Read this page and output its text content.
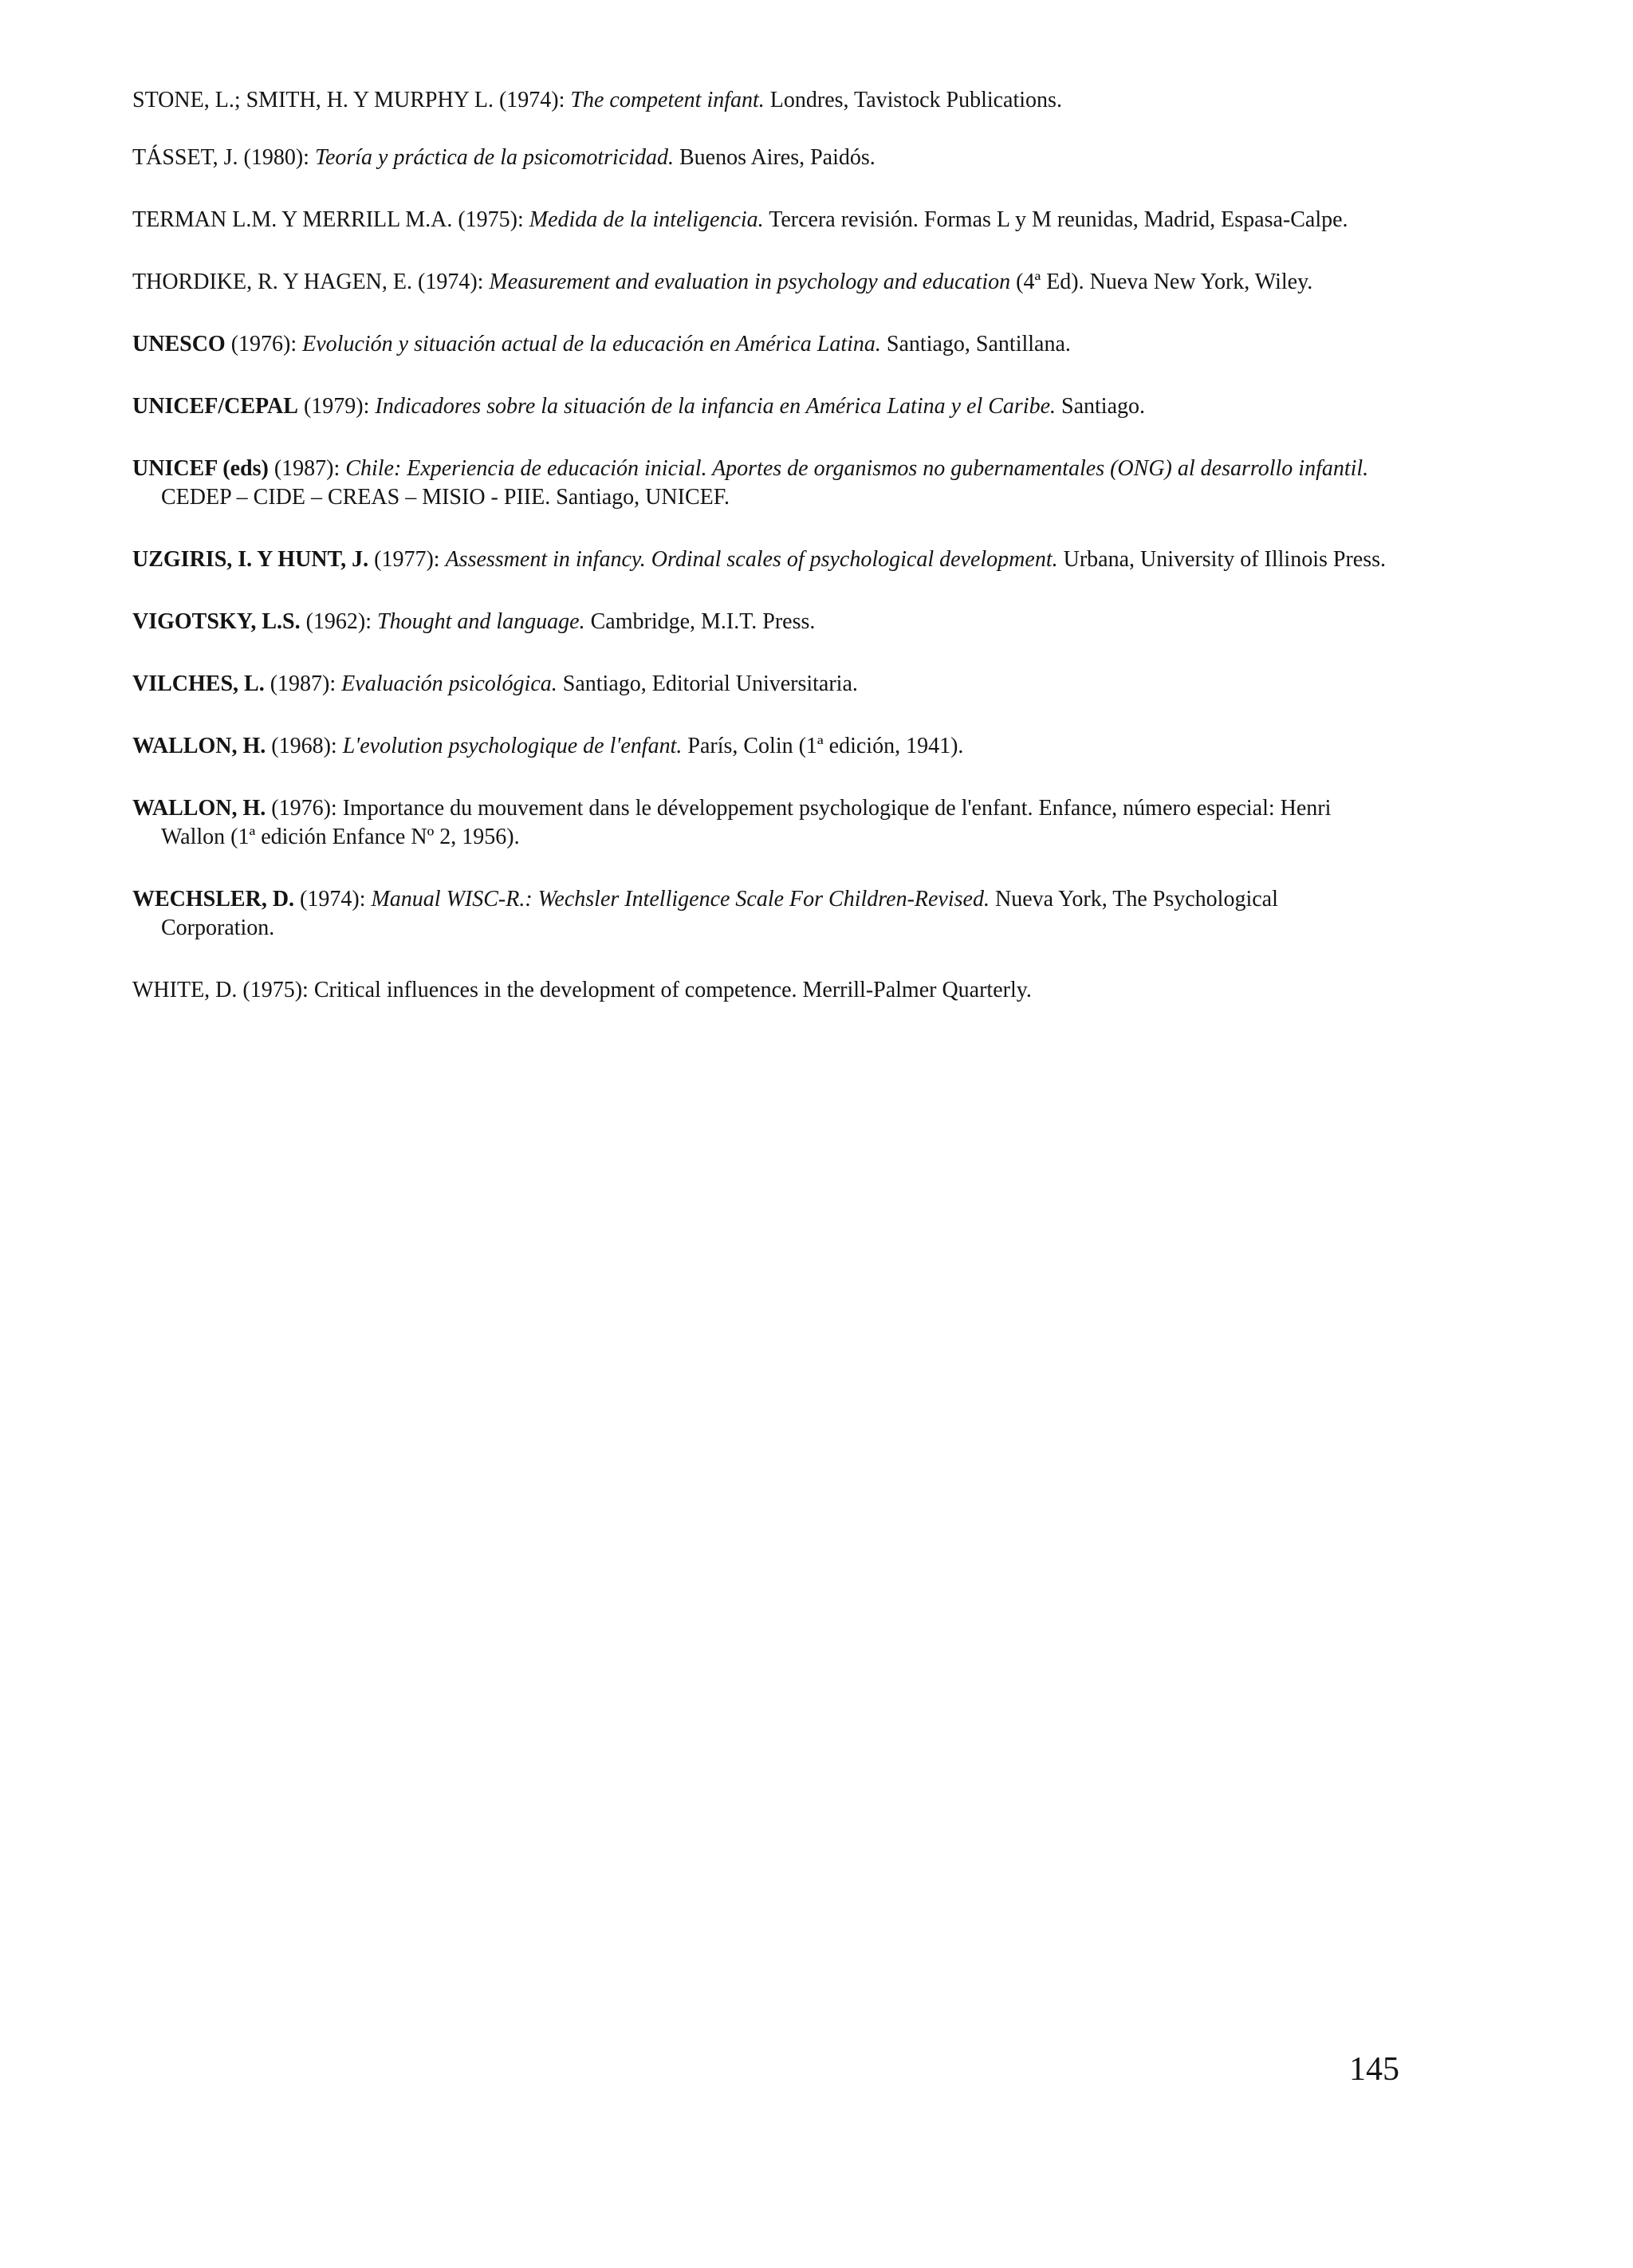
STONE, L.; SMITH, H. Y MURPHY L. (1974): The competent infant. Londres, Tavistock Publications.

TÁSSET, J. (1980): Teoría y práctica de la psicomotricidad. Buenos Aires, Paidós.

TERMAN L.M. Y MERRILL M.A. (1975): Medida de la inteligencia. Tercera revisión. Formas L y M reunidas, Madrid, Espasa-Calpe.

THORDIKE, R. Y HAGEN, E. (1974): Measurement and evaluation in psychology and education (4ª Ed). Nueva New York, Wiley.

UNESCO (1976): Evolución y situación actual de la educación en América Latina. Santiago, Santillana.

UNICEF/CEPAL (1979): Indicadores sobre la situación de la infancia en América Latina y el Caribe. Santiago.

UNICEF (eds) (1987): Chile: Experiencia de educación inicial. Aportes de organismos no gubernamentales (ONG) al desarrollo infantil. CEDEP – CIDE – CREAS – MISIO - PIIE. Santiago, UNICEF.

UZGIRIS, I. Y HUNT, J. (1977): Assessment in infancy. Ordinal scales of psychological development. Urbana, University of Illinois Press.

VIGOTSKY, L.S. (1962): Thought and language. Cambridge, M.I.T. Press.

VILCHES, L. (1987): Evaluación psicológica. Santiago, Editorial Universitaria.

WALLON, H. (1968): L'evolution psychologique de l'enfant. París, Colin (1ª edición, 1941).

WALLON, H. (1976): Importance du mouvement dans le développement psychologique de l'enfant. Enfance, número especial: Henri Wallon (1ª edición Enfance Nº 2, 1956).

WECHSLER, D. (1974): Manual WISC-R.: Wechsler Intelligence Scale For Children-Revised. Nueva York, The Psychological Corporation.

WHITE, D. (1975): Critical influences in the development of competence. Merrill-Palmer Quarterly.

145
